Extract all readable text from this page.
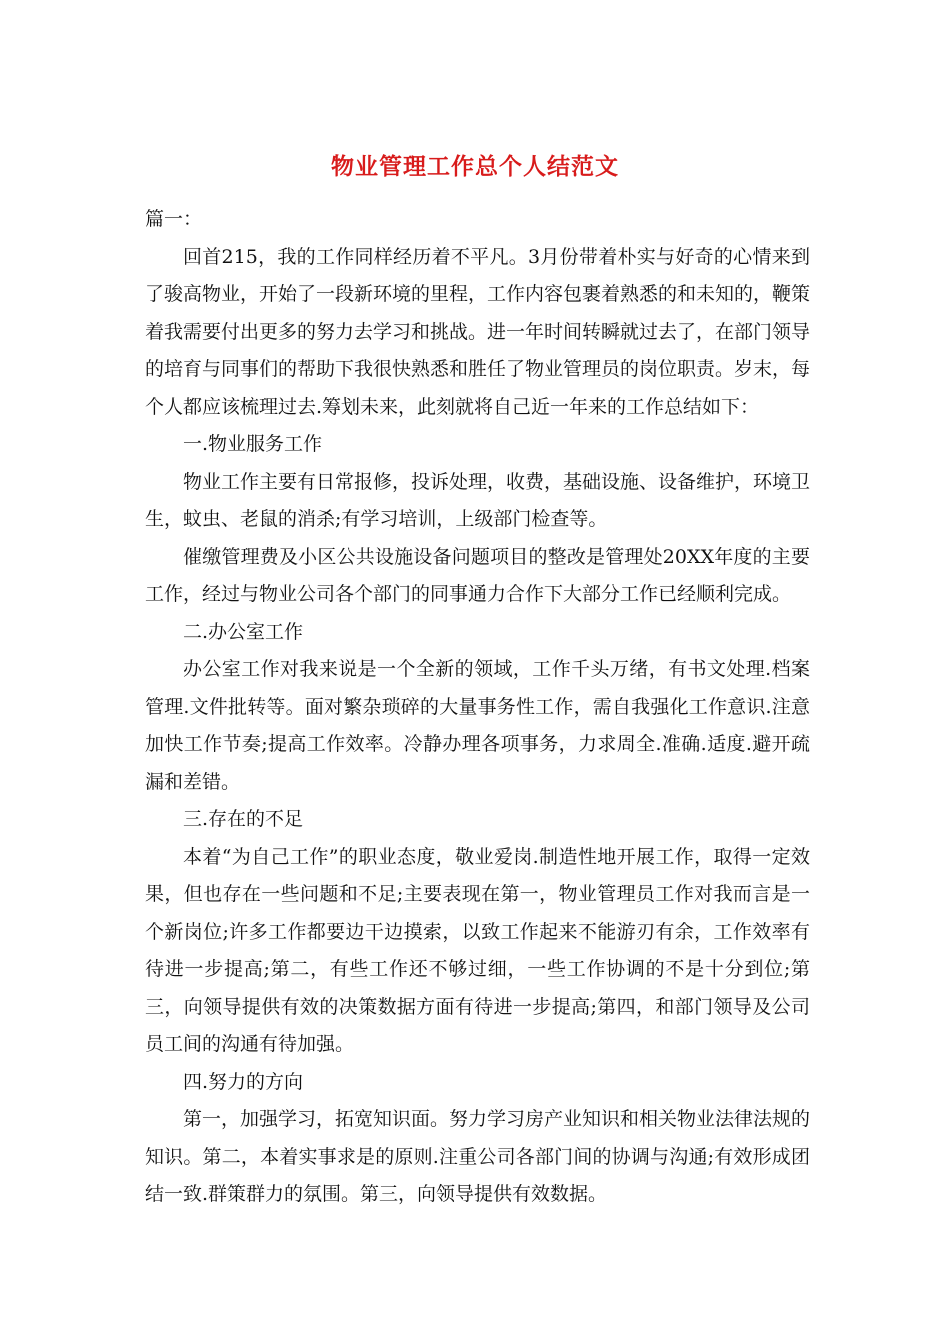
物业管理工作总个人结范文

篇一：

回首215，我的工作同样经历着不平凡。3月份带着朴实与好奇的心情来到了骏高物业，开始了一段新环境的里程，工作内容包裹着熟悉的和未知的，鞭策着我需要付出更多的努力去学习和挑战。进一年时间转瞬就过去了，在部门领导的培育与同事们的帮助下我很快熟悉和胜任了物业管理员的岗位职责。岁末，每个人都应该梳理过去.筹划未来，此刻就将自己近一年来的工作总结如下：

一.物业服务工作

物业工作主要有日常报修，投诉处理，收费，基础设施、设备维护，环境卫生，蚊虫、老鼠的消杀;有学习培训，上级部门检查等。

催缴管理费及小区公共设施设备问题项目的整改是管理处20XX年度的主要工作，经过与物业公司各个部门的同事通力合作下大部分工作已经顺利完成。

二.办公室工作

办公室工作对我来说是一个全新的领域，工作千头万绪，有书文处理.档案管理.文件批转等。面对繁杂琐碎的大量事务性工作，需自我强化工作意识.注意加快工作节奏;提高工作效率。冷静办理各项事务，力求周全.准确.适度.避开疏漏和差错。

三.存在的不足

本着“为自己工作”的职业态度，敬业爱岗.制造性地开展工作，取得一定效果，但也存在一些问题和不足;主要表现在第一，物业管理员工作对我而言是一个新岗位;许多工作都要边干边摸索，以致工作起来不能游刃有余，工作效率有待进一步提高;第二，有些工作还不够过细，一些工作协调的不是十分到位;第三，向领导提供有效的决策数据方面有待进一步提高;第四，和部门领导及公司员工间的沟通有待加强。

四.努力的方向

第一，加强学习，拓宽知识面。努力学习房产业知识和相关物业法律法规的知识。第二，本着实事求是的原则.注重公司各部门间的协调与沟通;有效形成团结一致.群策群力的氛围。第三，向领导提供有效数据。
